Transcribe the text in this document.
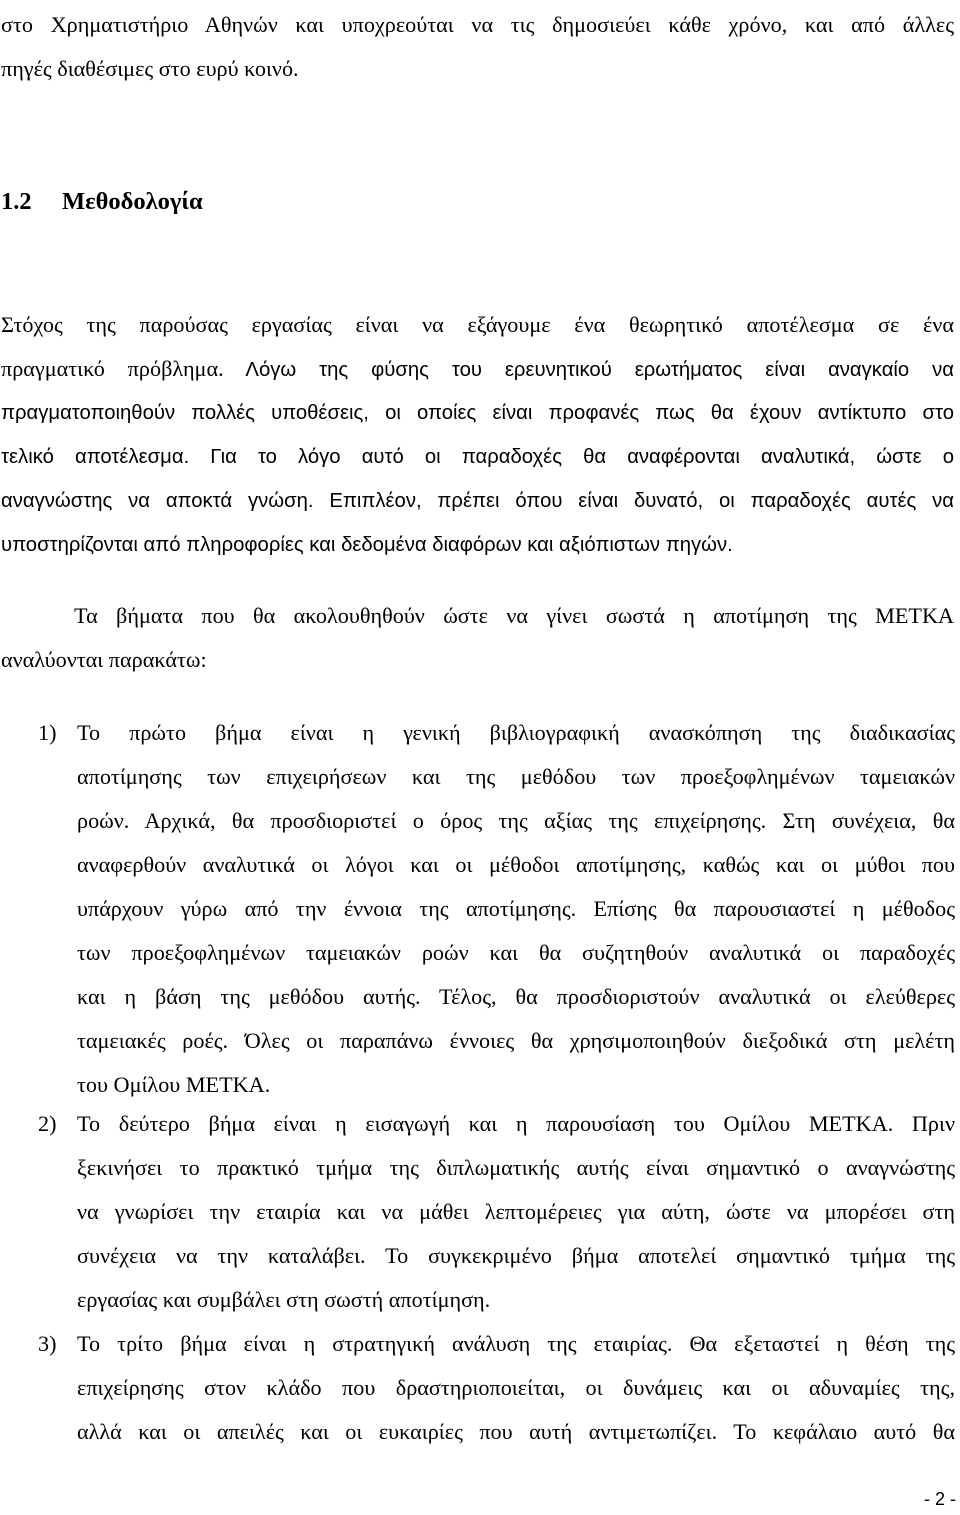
στο Χρηματιστήριο Αθηνών και υποχρεούται να τις δημοσιεύει κάθε χρόνο, και από άλλες
πηγές διαθέσιμες στο ευρύ κοινό.
1.2 Μεθοδολογία
Στόχος της παρούσας εργασίας είναι να εξάγουμε ένα θεωρητικό αποτέλεσμα σε ένα
πραγματικό πρόβλημα. Λόγω της φύσης του ερευνητικού ερωτήματος είναι αναγκαίο να
πραγματοποιηθούν πολλές υποθέσεις, οι οποίες είναι προφανές πως θα έχουν αντίκτυπο στο
τελικό αποτέλεσμα. Για το λόγο αυτό οι παραδοχές θα αναφέρονται αναλυτικά, ώστε ο
αναγνώστης να αποκτά γνώση. Επιπλέον, πρέπει όπου είναι δυνατό, οι παραδοχές αυτές να
υποστηρίζονται από πληροφορίες και δεδομένα διαφόρων και αξιόπιστων πηγών.
Τα βήματα που θα ακολουθηθούν ώστε να γίνει σωστά η αποτίμηση της ΜΕΤΚΑ
αναλύονται παρακάτω:
1) Το πρώτο βήμα είναι η γενική βιβλιογραφική ανασκόπηση της διαδικασίας
αποτίμησης των επιχειρήσεων και της μεθόδου των προεξοφλημένων ταμειακών
ροών. Αρχικά, θα προσδιοριστεί ο όρος της αξίας της επιχείρησης. Στη συνέχεια, θα
αναφερθούν αναλυτικά οι λόγοι και οι μέθοδοι αποτίμησης, καθώς και οι μύθοι που
υπάρχουν γύρω από την έννοια της αποτίμησης. Επίσης θα παρουσιαστεί η μέθοδος
των προεξοφλημένων ταμειακών ροών και θα συζητηθούν αναλυτικά οι παραδοχές
και η βάση της μεθόδου αυτής. Τέλος, θα προσδιοριστούν αναλυτικά οι ελεύθερες
ταμειακές ροές. Όλες οι παραπάνω έννοιες θα χρησιμοποιηθούν διεξοδικά στη μελέτη
του Ομίλου ΜΕΤΚΑ.
2) Το δεύτερο βήμα είναι η εισαγωγή και η παρουσίαση του Ομίλου ΜΕΤΚΑ. Πριν
ξεκινήσει το πρακτικό τμήμα της διπλωματικής αυτής είναι σημαντικό ο αναγνώστης
να γνωρίσει την εταιρία και να μάθει λεπτομέρειες για αύτη, ώστε να μπορέσει στη
συνέχεια να την καταλάβει. Το συγκεκριμένο βήμα αποτελεί σημαντικό τμήμα της
εργασίας και συμβάλει στη σωστή αποτίμηση.
3) Το τρίτο βήμα είναι η στρατηγική ανάλυση της εταιρίας. Θα εξεταστεί η θέση της
επιχείρησης στον κλάδο που δραστηριοποιείται, οι δυνάμεις και οι αδυναμίες της,
αλλά και οι απειλές και οι ευκαιρίες που αυτή αντιμετωπίζει. Το κεφάλαιο αυτό θα
- 2 -
